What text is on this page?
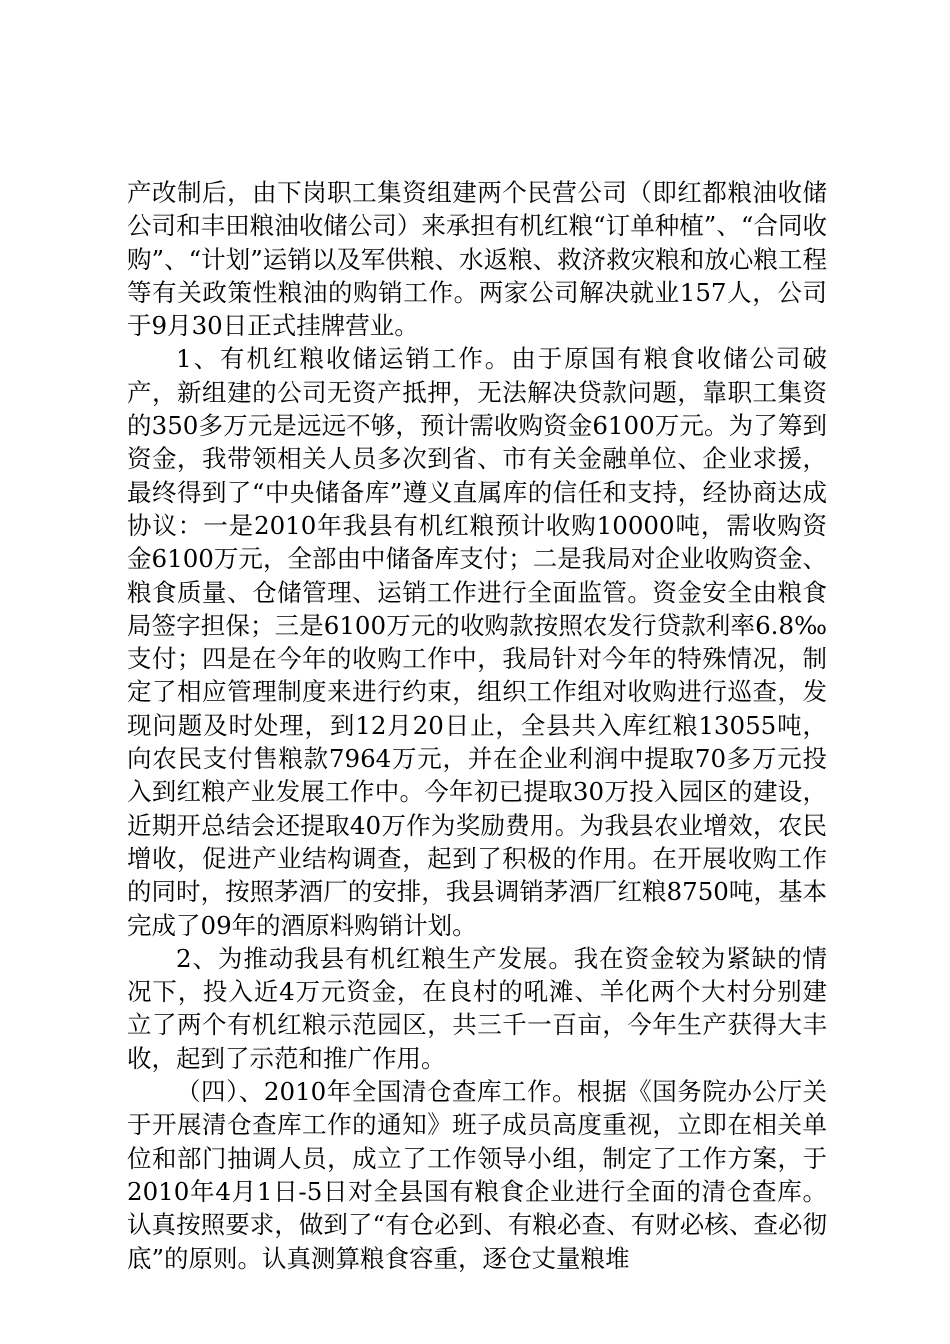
产改制后，由下岗职工集资组建两个民营公司（即红都粮油收储公司和丰田粮油收储公司）来承担有机红粮“订单种植”、“合同收购”、“计划”运销以及军供粮、水返粮、救济救灾粮和放心粮工程等有关政策性粮油的购销工作。两家公司解决就业157人，公司于9月30日正式挂牌营业。

1、有机红粮收储运销工作。由于原国有粮食收储公司破产，新组建的公司无资产抵押，无法解决贷款问题，靠职工集资的350多万元是远远不够，预计需收购资金6100万元。为了筹到资金，我带领相关人员多次到省、市有关金融单位、企业求援，最终得到了“中央储备库”遵义直属库的信任和支持，经协商达成协议：一是2010年我县有机红粮预计收购10000吨，需收购资金6100万元，全部由中储备库支付；二是我局对企业收购资金、粮食质量、仓储管理、运销工作进行全面监管。资金安全由粮食局签字担保；三是6100万元的收购款按照农发行贷款利率6.8‰支付；四是在今年的收购工作中，我局针对今年的特殊情况，制定了相应管理制度来进行约束，组织工作组对收购进行巡查，发现问题及时处理，到12月20日止，全县共入库红粮13055吨，向农民支付售粮款7964万元，并在企业利润中提取70多万元投入到红粮产业发展工作中。今年初已提取30万投入园区的建设，近期开总结会还提取40万作为奖励费用。为我县农业增效，农民增收，促进产业结构调查，起到了积极的作用。在开展收购工作的同时，按照茅酒厂的安排，我县调销茅酒厂红粮8750吨，基本完成了09年的酒原料购销计划。

2、为推动我县有机红粮生产发展。我在资金较为紧缺的情况下，投入近4万元资金，在良村的吼滩、羊化两个大村分别建立了两个有机红粮示范园区，共三千一百亩，今年生产获得大丰收，起到了示范和推广作用。

（四）、2010年全国清仓查库工作。根据《国务院办公厅关于开展清仓查库工作的通知》班子成员高度重视，立即在相关单位和部门抽调人员，成立了工作领导小组，制定了工作方案，于2010年4月1日-5日对全县国有粮食企业进行全面的清仓查库。认真按照要求，做到了“有仓必到、有粮必查、有财必核、查必彻底”的原则。认真测算粮食容重，逐仓丈量粮堆
